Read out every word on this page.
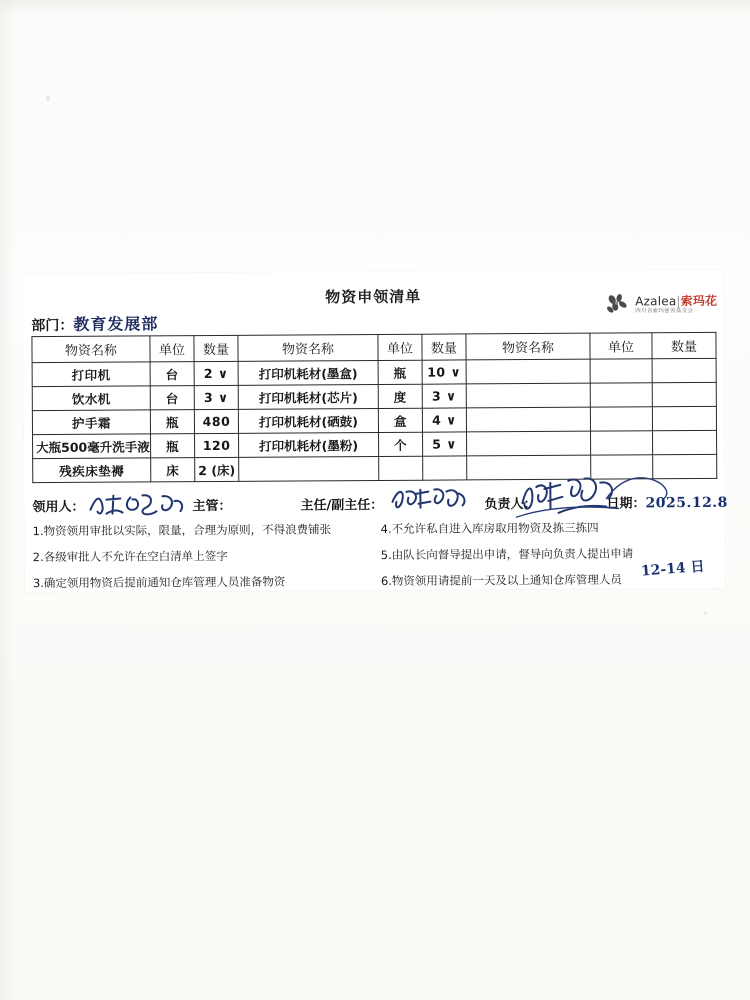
物资申领清单
部门：教育发展部
Azalea|索玛花
四川省索玛慈善基金会
物资名称	单位	数量	物资名称	单位	数量	物资名称	单位	数量
打印机	台	2 ∨	打印机耗材(墨盒)	瓶	10 ∨			
饮水机	台	3 ∨	打印机耗材(芯片)	度	3 ∨			
护手霜	瓶	480	打印机耗材(硒鼓)	盒	4 ∨			
大瓶500毫升洗手液	瓶	120	打印机耗材(墨粉)	个	5 ∨			
残疾床垫褥	床	2 (床)						
领用人：	主管：	主任/副主任：	负责人：	日期：2025.12.8
1.物资领用审批以实际，限量，合理为原则，不得浪费铺张
2.各级审批人不允许在空白清单上签字
3.确定领用物资后提前通知仓库管理人员准备物资
4.不允许私自进入库房取用物资及拣三拣四
5.由队长向督导提出申请，督导向负责人提出申请
6.物资领用请提前一天及以上通知仓库管理人员
12-14 日
